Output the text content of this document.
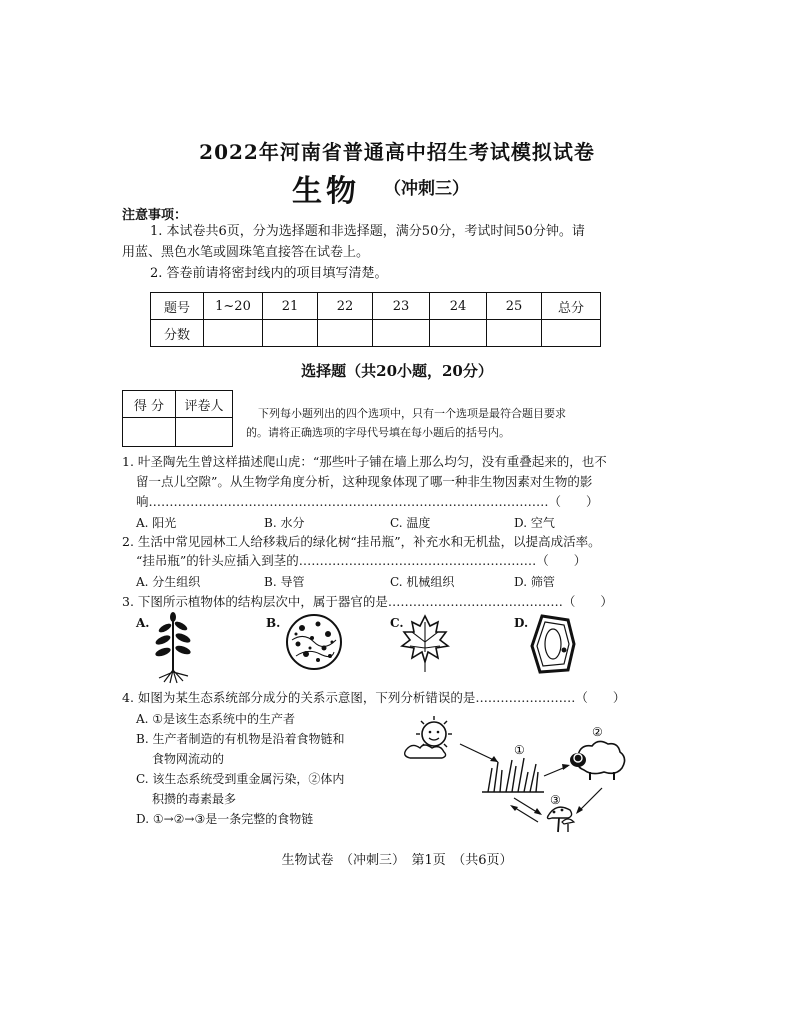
2022年河南省普通高中招生考试模拟试卷
生物 （冲刺三）
注意事项：
1. 本试卷共6页，分为选择题和非选择题，满分50分，考试时间50分钟。请
用蓝、黑色水笔或圆珠笔直接答在试卷上。
2. 答卷前请将密封线内的项目填写清楚。
题号	1~20	21	22	23	24	25	总分
分数							
选择题（共20小题，20分）
得 分	评卷人
		下列每小题列出的四个选项中，只有一个选项是最符合题目要求
的。请将正确选项的字母代号填在每小题后的括号内。
1. 叶圣陶先生曾这样描述爬山虎：“那些叶子铺在墙上那么均匀，没有重叠起来的，也不
留一点儿空隙”。从生物学角度分析，这种现象体现了哪一种非生物因素对生物的影
响……………………………………………………………………………………（　　）
A. 阳光	B. 水分	C. 温度	D. 空气
2. 生活中常见园林工人给移栽后的绿化树“挂吊瓶”，补充水和无机盐，以提高成活率。
“挂吊瓶”的针头应插入到茎的…………………………………………………（　　）
A. 分生组织	B. 导管	C. 机械组织	D. 筛管
3. 下图所示植物体的结构层次中，属于器官的是……………………………………（　　）
A.	B.	C.	D.
4. 如图为某生态系统部分成分的关系示意图，下列分析错误的是……………………（　　）
A. ①是该生态系统中的生产者
B. 生产者制造的有机物是沿着食物链和
食物网流动的
C. 该生态系统受到重金属污染，②体内
积攒的毒素最多
D. ①→②→③是一条完整的食物链
①
②
③
生物试卷　（冲刺三）　第1页　（共6页）
